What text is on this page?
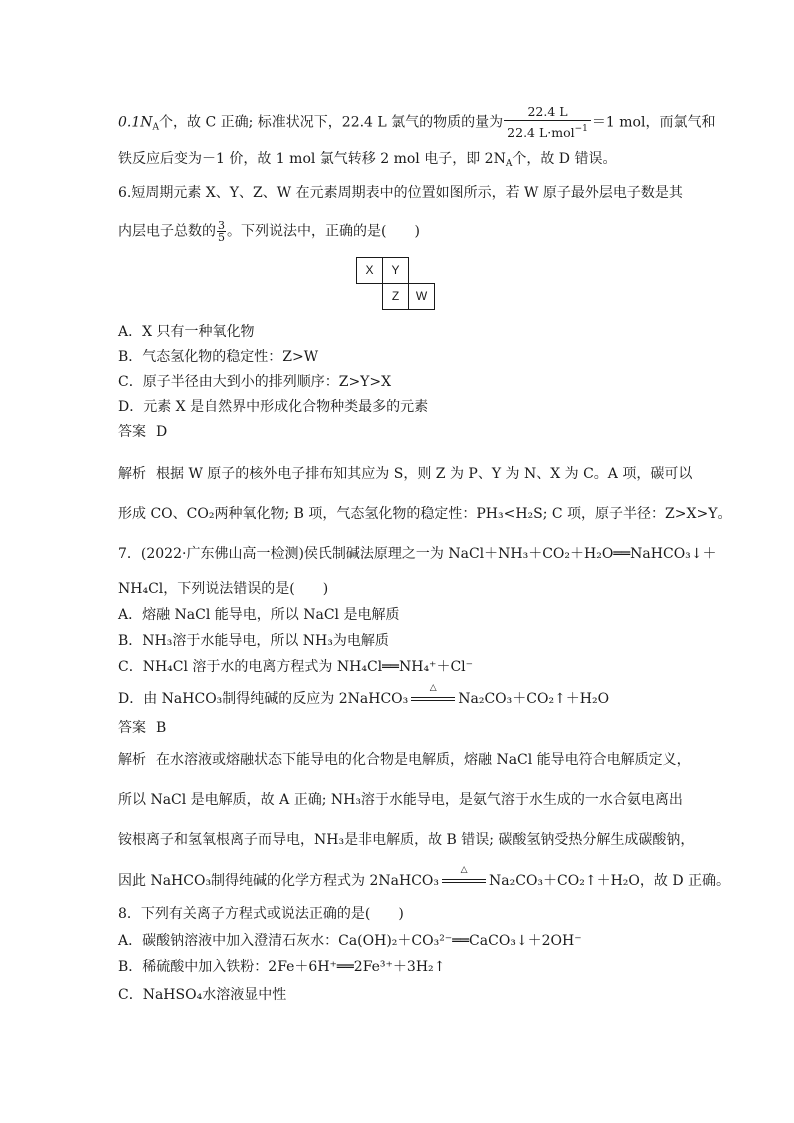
$0.1N_A$个，故 C 正确; 标准状况下，22.4 L 氯气的物质的量为 $\frac{22.4 L}{22.4 L\cdot mol^{-1}} =1$ mol，而氯气和
铁反应后变为－1 价，故 1 mol 氯气转移 2 mol 电子，即 $2N_A$个，故 D 错误。
6.短周期元素 X、Y、Z、W 在元素周期表中的位置如图所示，若 W 原子最外层电子数是其
内层电子总数的 $\frac{3}{5}$ 。下列说法中，正确的是(　　)
X	Y
Z	W
A．X 只有一种氧化物
B．气态氢化物的稳定性：Z>W
C．原子半径由大到小的排列顺序：Z>Y>X
D．元素 X 是自然界中形成化合物种类最多的元素
答案 D
解析 根据 W 原子的核外电子排布知其应为 S，则 Z 为 P、Y 为 N、X 为 C。A 项，碳可以
形成 CO、CO₂两种氧化物; B 项，气态氢化物的稳定性：PH₃<H₂S; C 项，原子半径：Z>X>Y。
7．(2022·广东佛山高一检测)侯氏制碱法原理之一为 NaCl＋NH₃＋CO₂＋H₂O══NaHCO₃↓＋
NH₄Cl，下列说法错误的是(　　)
A．熔融 NaCl 能导电，所以 NaCl 是电解质
B．NH₃溶于水能导电，所以 NH₃为电解质
C．NH₄Cl 溶于水的电离方程式为 NH₄Cl══NH₄⁺＋Cl⁻
D．由 NaHCO₃制得纯碱的反应为 2NaHCO₃
△
Na₂CO₃＋CO₂↑＋H₂O
答案 B
解析 在水溶液或熔融状态下能导电的化合物是电解质，熔融 NaCl 能导电符合电解质定义，
所以 NaCl 是电解质，故 A 正确; NH₃溶于水能导电，是氨气溶于水生成的一水合氨电离出
铵根离子和氢氧根离子而导电，NH₃是非电解质，故 B 错误; 碳酸氢钠受热分解生成碳酸钠，
因此 NaHCO₃制得纯碱的化学方程式为 2NaHCO₃
△
Na₂CO₃＋CO₂↑＋H₂O，故 D 正确。
8．下列有关离子方程式或说法正确的是(　　)
A．碳酸钠溶液中加入澄清石灰水：Ca(OH)₂＋CO₃²⁻══CaCO₃↓＋2OH⁻
B．稀硫酸中加入铁粉：2Fe＋6H⁺══2Fe³⁺＋3H₂↑
C．NaHSO₄水溶液显中性
